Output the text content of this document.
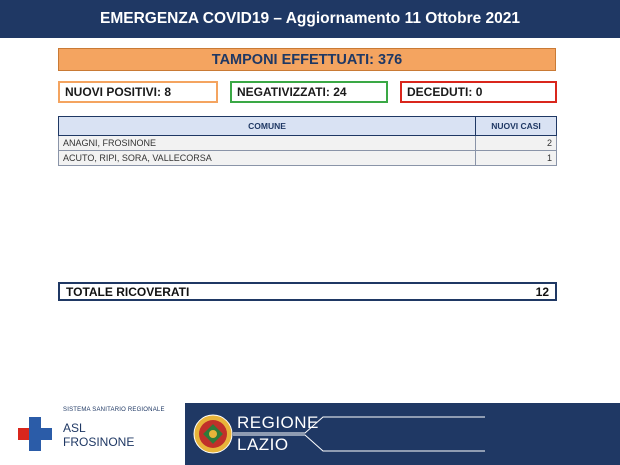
EMERGENZA COVID19 – Aggiornamento 11 Ottobre 2021
TAMPONI EFFETTUATI:
376
NUOVI POSITIVI:
8	NEGATIVIZZATI:
24	DECEDUTI:
0
COMUNE	NUOVI CASI
ANAGNI, FROSINONE	2
ACUTO, RIPI, SORA, VALLECORSA	1
TOTALE RICOVERATI	12
SISTEMA SANITARIO REGIONALE
ASL
FROSINONE
REGIONE
LAZIO
